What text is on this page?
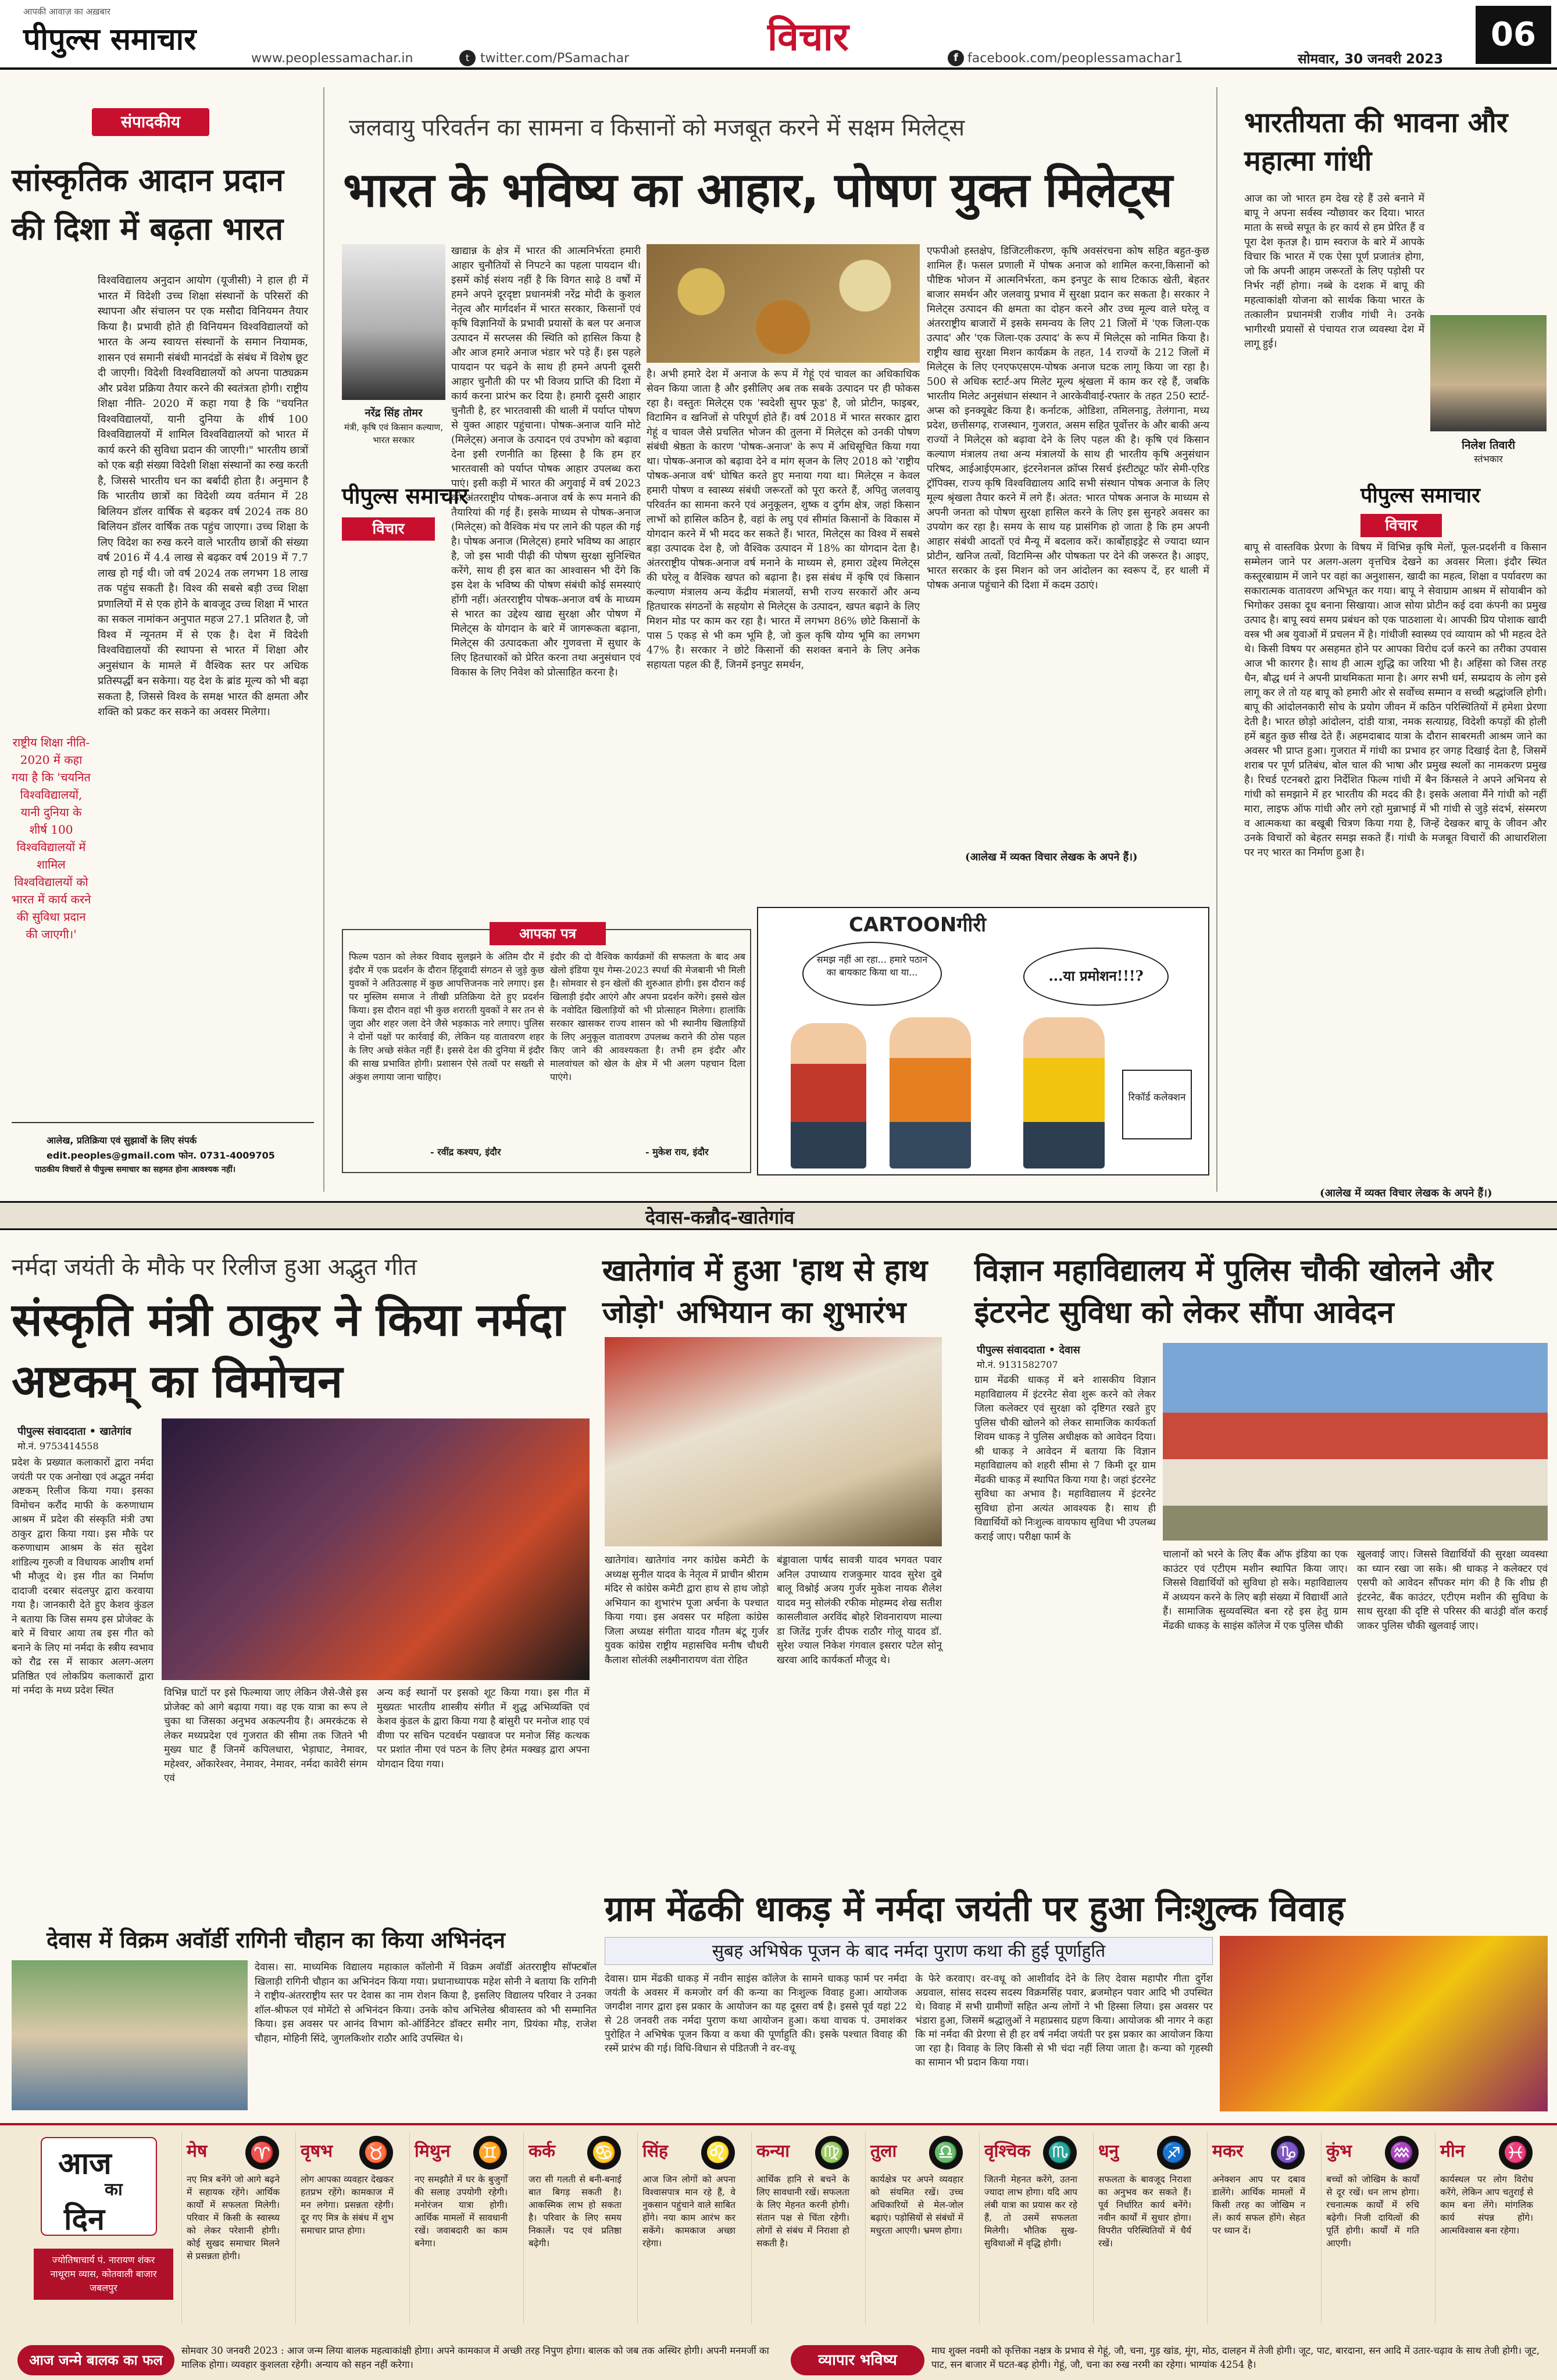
पीपुल्स समाचार
आपकी आवाज़ का अख़बार
www.peoplessamachar.in	t twitter.com/PSamachar	विचार	f facebook.com/peoplessamachar1	सोमवार, 30 जनवरी 2023
06
संपादकीय
सांस्कृतिक आदान प्रदान की दिशा में बढ़ता भारत
विश्वविद्यालय अनुदान आयोग (यूजीसी) ने हाल ही में भारत में विदेशी उच्च शिक्षा संस्थानों के परिसरों की स्थापना और संचालन पर एक मसौदा विनियमन तैयार किया है। प्रभावी होते ही विनियमन विश्वविद्यालयों को भारत के अन्य स्वायत्त संस्थानों के समान नियामक, शासन एवं समानी संबंधी मानदंडों के संबंध में विशेष छूट दी जाएगी। विदेशी विश्वविद्यालयों को अपना पाठ्यक्रम और प्रवेश प्रक्रिया तैयार करने की स्वतंत्रता होगी। राष्ट्रीय शिक्षा नीति- 2020 में कहा गया है कि "चयनित विश्वविद्यालयों, यानी दुनिया के शीर्ष 100 विश्वविद्यालयों में शामिल विश्वविद्यालयों को भारत में कार्य करने की सुविधा प्रदान की जाएगी।" भारतीय छात्रों को एक बड़ी संख्या विदेशी शिक्षा संस्थानों का रुख करती है, जिससे भारतीय धन का बर्बादी होता है। अनुमान है कि भारतीय छात्रों का विदेशी व्यय वर्तमान में 28 बिलियन डॉलर वार्षिक से बढ़कर वर्ष 2024 तक 80 बिलियन डॉलर वार्षिक तक पहुंच जाएगा। उच्च शिक्षा के लिए विदेश का रुख करने वाले भारतीय छात्रों की संख्या वर्ष 2016 में 4.4 लाख से बढ़कर वर्ष 2019 में 7.7 लाख हो गई थी। जो वर्ष 2024 तक लगभग 18 लाख तक पहुंच सकती है। विश्व की सबसे बड़ी उच्च शिक्षा प्रणालियों में से एक होने के बावजूद उच्च शिक्षा में भारत का सकल नामांकन अनुपात महज 27.1 प्रतिशत है, जो विश्व में न्यूनतम में से एक है। देश में विदेशी विश्वविद्यालयों की स्थापना से भारत में शिक्षा और अनुसंधान के मामले में वैश्विक स्तर पर अधिक प्रतिस्पर्द्धी बन सकेगा। यह देश के ब्रांड मूल्य को भी बढ़ा सकता है, जिससे विश्व के समक्ष भारत की क्षमता और शक्ति को प्रकट कर सकने का अवसर मिलेगा।
राष्ट्रीय शिक्षा नीति- 2020 में कहा गया है कि 'चयनित विश्वविद्यालयों, यानी दुनिया के शीर्ष 100 विश्वविद्यालयों में शामिल विश्वविद्यालयों को भारत में कार्य करने की सुविधा प्रदान की जाएगी।'
आलेख, प्रतिक्रिया एवं सुझावों के लिए संपर्क
edit.peoples@gmail.com फोन. 0731-4009705
पाठकीय विचारों से पीपुल्स समाचार का सहमत होना आवश्यक नहीं।
जलवायु परिवर्तन का सामना व किसानों को मजबूत करने में सक्षम मिलेट्स
भारत के भविष्य का आहार, पोषण युक्त मिलेट्स
नरेंद्र सिंह तोमर
मंत्री, कृषि एवं किसान कल्याण, भारत सरकार
खाद्यान्न के क्षेत्र में भारत की आत्मनिर्भरता हमारी आहार चुनौतियों से निपटने का पहला पायदान थी। इसमें कोई संशय नहीं है कि विगत साढ़े 8 वर्षों में हमने अपने दूरदृष्टा प्रधानमंत्री नरेंद्र मोदी के कुशल नेतृत्व और मार्गदर्शन में भारत सरकार, किसानों एवं कृषि विज्ञानियों के प्रभावी प्रयासों के बल पर अनाज उत्पादन में सरप्लस की स्थिति को हासिल किया है और आज हमारे अनाज भंडार भरे पड़े हैं। इस पहले पायदान पर चढ़ने के साथ ही हमने अपनी दूसरी आहार चुनौती की पर भी विजय प्राप्ति की दिशा में कार्य करना प्रारंभ कर दिया है। हमारी दूसरी आहार चुनौती है, हर भारतवासी की थाली में पर्याप्त पोषण से युक्त आहार पहुंचाना। पोषक-अनाज यानि मोटे (मिलेट्स) अनाज के उत्पादन एवं उपभोग को बढ़ावा देना इसी रणनीति का हिस्सा है कि हम हर भारतवासी को पर्याप्त पोषक आहार उपलब्ध करा पाएं। इसी कड़ी में भारत की अगुवाई में वर्ष 2023 को अंतरराष्ट्रीय पोषक-अनाज वर्ष के रूप मनाने की तैयारियां की गई हैं। इसके माध्यम से पोषक-अनाज (मिलेट्स) को वैश्विक मंच पर लाने की पहल की गई है। पोषक अनाज (मिलेट्स) हमारे भविष्य का आहार है, जो इस भावी पीढ़ी की पोषण सुरक्षा सुनिश्चित करेंगे, साथ ही इस बात का आश्वासन भी देंगे कि इस देश के भविष्य की पोषण संबंधी कोई समस्याएं होंगी नहीं। अंतरराष्ट्रीय पोषक-अनाज वर्ष के माध्यम से भारत का उद्देश्य खाद्य सुरक्षा और पोषण में मिलेट्स के योगदान के बारे में जागरूकता बढ़ाना, मिलेट्स की उत्पादकता और गुणवत्ता में सुधार के लिए हितधारकों को प्रेरित करना तथा अनुसंधान एवं विकास के लिए निवेश को प्रोत्साहित करना है।
पीपुल्स समाचार
विचार
है। अभी हमारे देश में अनाज के रूप में गेहूं एवं चावल का अधिकाधिक सेवन किया जाता है और इसीलिए अब तक सबके उत्पादन पर ही फोकस रहा है। वस्तुतः मिलेट्स एक 'स्वदेशी सुपर फूड' है, जो प्रोटीन, फाइबर, विटामिन व खनिजों से परिपूर्ण होते हैं। वर्ष 2018 में भारत सरकार द्वारा गेहूं व चावल जैसे प्रचलित भोजन की तुलना में मिलेट्स को उनकी पोषण संबंधी श्रेष्ठता के कारण 'पोषक-अनाज' के रूप में अधिसूचित किया गया था। पोषक-अनाज को बढ़ावा देने व मांग सृजन के लिए 2018 को 'राष्ट्रीय पोषक-अनाज वर्ष' घोषित करते हुए मनाया गया था। मिलेट्स न केवल हमारी पोषण व स्वास्थ्य संबंधी जरूरतों को पूरा करते हैं, अपितु जलवायु परिवर्तन का सामना करने एवं अनुकूलन, शुष्क व दुर्गम क्षेत्र, जहां किसान लाभों को हासिल कठिन है, वहां के लघु एवं सीमांत किसानों के विकास में योगदान करने में भी मदद कर सकते हैं। भारत, मिलेट्स का विश्व में सबसे बड़ा उत्पादक देश है, जो वैश्विक उत्पादन में 18% का योगदान देता है। अंतरराष्ट्रीय पोषक-अनाज वर्ष मनाने के माध्यम से, हमारा उद्देश्य मिलेट्स की घरेलू व वैश्विक खपत को बढ़ाना है। इस संबंध में कृषि एवं किसान कल्याण मंत्रालय अन्य केंद्रीय मंत्रालयों, सभी राज्य सरकारों और अन्य हितधारक संगठनों के सहयोग से मिलेट्स के उत्पादन, खपत बढ़ाने के लिए मिशन मोड पर काम कर रहा है। भारत में लगभग 86% छोटे किसानों के पास 5 एकड़ से भी कम भूमि है, जो कुल कृषि योग्य भूमि का लगभग 47% है। सरकार ने छोटे किसानों की सशक्त बनाने के लिए अनेक सहायता पहल की हैं, जिनमें इनपुट समर्थन,
एफपीओ हस्तक्षेप, डिजिटलीकरण, कृषि अवसंरचना कोष सहित बहुत-कुछ शामिल हैं। फसल प्रणाली में पोषक अनाज को शामिल करना,किसानों को पौष्टिक भोजन में आत्मनिर्भरता, कम इनपुट के साथ टिकाऊ खेती, बेहतर बाजार समर्थन और जलवायु प्रभाव में सुरक्षा प्रदान कर सकता है। सरकार ने मिलेट्स उत्पादन की क्षमता का दोहन करने और उच्च मूल्य वाले घरेलू व अंतरराष्ट्रीय बाजारों में इसके समन्वय के लिए 21 जिलों में 'एक जिला-एक उत्पाद' और 'एक जिला-एक उत्पाद' के रूप में मिलेट्स को नामित किया है। राष्ट्रीय खाद्य सुरक्षा मिशन कार्यक्रम के तहत, 14 राज्यों के 212 जिलों में मिलेट्स के लिए एनएफएसएम-पोषक अनाज घटक लागू किया जा रहा है। 500 से अधिक स्टार्ट-अप मिलेट मूल्य श्रृंखला में काम कर रहे हैं, जबकि भारतीय मिलेट अनुसंधान संस्थान ने आरकेवीवाई-रफ्तार के तहत 250 स्टार्ट-अप्स को इनक्यूबेट किया है। कर्नाटक, ओडिशा, तमिलनाडु, तेलंगाना, मध्य प्रदेश, छत्तीसगढ़, राजस्थान, गुजरात, असम सहित पूर्वोत्तर के और बाकी अन्य राज्यों ने मिलेट्स को बढ़ावा देने के लिए पहल की है। कृषि एवं किसान कल्याण मंत्रालय तथा अन्य मंत्रालयों के साथ ही भारतीय कृषि अनुसंधान परिषद, आईआईएमआर, इंटरनेशनल क्रॉप्स रिसर्च इंस्टीट्यूट फॉर सेमी-एरिड ट्रॉपिक्स, राज्य कृषि विश्वविद्यालय आदि सभी संस्थान पोषक अनाज के लिए मूल्य श्रृंखला तैयार करने में लगे हैं। अंतत: भारत पोषक अनाज के माध्यम से अपनी जनता को पोषण सुरक्षा हासिल करने के लिए इस सुनहरे अवसर का उपयोग कर रहा है। समय के साथ यह प्रासंगिक हो जाता है कि हम अपनी आहार संबंधी आदतों एवं मैन्यू में बदलाव करें। कार्बोहाइड्रेट से ज्यादा ध्यान प्रोटीन, खनिज तत्वों, विटामिन्स और पोषकता पर देने की जरूरत है। आइए, भारत सरकार के इस मिशन को जन आंदोलन का स्वरूप दें, हर थाली में पोषक अनाज पहुंचाने की दिशा में कदम उठाएं।
(आलेख में व्यक्त विचार लेखक के अपने हैं।)
भारतीयता की भावना और महात्मा गांधी
आज का जो भारत हम देख रहे हैं उसे बनाने में बापू ने अपना सर्वस्व न्यौछावर कर दिया। भारत माता के सच्चे सपूत के हर कार्य से हम प्रेरित हैं व पूरा देश कृतज्ञ है। ग्राम स्वराज के बारे में आपके विचार कि भारत में एक ऐसा पूर्ण प्रजातंत्र होगा, जो कि अपनी आहम जरूरतों के लिए पड़ोसी पर निर्भर नहीं होगा। नब्बे के दशक में बापू की महत्वाकांक्षी योजना को सार्थक किया भारत के तत्कालीन प्रधानमंत्री राजीव गांधी ने। उनके भागीरथी प्रयासों से पंचायत राज व्यवस्था देश में लागू हुई।
निलेश तिवारी
स्तंभकार
पीपुल्स समाचार
विचार
बापू से वास्तविक प्रेरणा के विषय में विभिन्न कृषि मेलों, फूल-प्रदर्शनी व किसान सम्मेलन जाने पर अलग-अलग वृत्तचित्र देखने का अवसर मिला। इंदौर स्थित कस्तूरबाग्राम में जाने पर वहां का अनुशासन, खादी का महत्व, शिक्षा व पर्यावरण का सकारात्मक वातावरण अभिभूत कर गया। बापू ने सेवाग्राम आश्रम में सोयाबीन को भिगोकर उसका दूध बनाना सिखाया। आज सोया प्रोटीन कई दवा कंपनी का प्रमुख उत्पाद है। बापू स्वयं समय प्रबंधन को एक पाठशाला थे। आपकी प्रिय पोशाक खादी वस्त्र भी अब युवाओं में प्रचलन में है। गांधीजी स्वास्थ्य एवं व्यायाम को भी महत्व देते थे। किसी विषय पर असहमत होने पर आपका विरोध दर्ज करने का तरीका उपवास आज भी कारगर है। साथ ही आत्म शुद्धि का जरिया भी है। अहिंसा को जिस तरह धैन, बौद्ध धर्म ने अपनी प्राथमिकता माना है। अगर सभी धर्म, सम्प्रदाय के लोग इसे लागू कर ले तो यह बापू को हमारी ओर से सर्वोच्च सम्मान व सच्ची श्रद्धांजलि होगी। बापू की आंदोलनकारी सोच के प्रयोग जीवन में कठिन परिस्थितियों में हमेशा प्रेरणा देती है। भारत छोड़ो आंदोलन, दांडी यात्रा, नमक सत्याग्रह, विदेशी कपड़ों की होली हमें बहुत कुछ सीख देते हैं। अहमदाबाद यात्रा के दौरान साबरमती आश्रम जाने का अवसर भी प्राप्त हुआ। गुजरात में गांधी का प्रभाव हर जगह दिखाई देता है, जिसमें शराब पर पूर्ण प्रतिबंध, बोल चाल की भाषा और प्रमुख स्थलों का नामकरण प्रमुख है। रिचर्ड एटनबरो द्वारा निर्देशित फिल्म गांधी में बैन किंग्सले ने अपने अभिनय से गांधी को समझाने में हर भारतीय की मदद की है। इसके अलावा मैंने गांधी को नहीं मारा, लाइफ ऑफ गांधी और लगे रहो मुन्नाभाई में भी गांधी से जुड़े संदर्भ, संस्मरण व आत्मकथा का बखूबी चित्रण किया गया है, जिन्हें देखकर बापू के जीवन और उनके विचारों को बेहतर समझ सकते हैं। गांधी के मजबूत विचारों की आधारशिला पर नए भारत का निर्माण हुआ है।
(आलेख में व्यक्त विचार लेखक के अपने हैं।)
आपका पत्र
फिल्म पठान को लेकर विवाद सुलझने के अंतिम दौर में इंदौर में एक प्रदर्शन के दौरान हिंदूवादी संगठन से जुड़े कुछ युवकों ने अतिउत्साह में कुछ आपत्तिजनक नारे लगाए। इस पर मुस्लिम समाज ने तीखी प्रतिक्रिया देते हुए प्रदर्शन किया। इस दौरान वहां भी कुछ शरारती युवकों ने सर तन से जुदा और शहर जला देने जैसे भड़काऊ नारे लगाए। पुलिस ने दोनों पक्षों पर कार्रवाई की, लेकिन यह वातावरण शहर के लिए अच्छे संकेत नहीं हैं। इससे देश की दुनिया में इंदौर की साख प्रभावित होगी। प्रशासन ऐसे तत्वों पर सख्ती से अंकुश लगाया जाना चाहिए।
- रवींद्र कश्यप, इंदौर
इंदौर की दो वैश्विक कार्यक्रमों की सफलता के बाद अब खेलो इंडिया यूथ गेम्स-2023 स्पर्धा की मेजबानी भी मिली है। सोमवार से इन खेलों की शुरुआत होगी। इस दौरान कई खिलाड़ी इंदौर आएंगे और अपना प्रदर्शन करेंगे। इससे खेल के नवोदित खिलाड़ियों को भी प्रोत्साहन मिलेगा। हालांकि सरकार खासकर राज्य शासन को भी स्थानीय खिलाड़ियों के लिए अनुकूल वातावरण उपलब्ध कराने की ठोस पहल किए जाने की आवश्यकता है। तभी हम इंदौर और मालवांचल को खेल के क्षेत्र में भी अलग पहचान दिला पाएंगे।
- मुकेश राय, इंदौर
CARTOONगीरी
समझ नहीं आ रहा... हमारे पठान का बायकाट किया था या...	...या प्रमोशन!!!?
रिकॉर्ड कलेक्शन
देवास-कन्नौद-खातेगांव
नर्मदा जयंती के मौके पर रिलीज हुआ अद्भुत गीत
संस्कृति मंत्री ठाकुर ने किया नर्मदा अष्टकम् का विमोचन
पीपुल्स संवाददाता • खातेगांव
मो.नं. 9753414558
प्रदेश के प्रख्यात कलाकारों द्वारा नर्मदा जयंती पर एक अनोखा एवं अद्भुत नर्मदा अष्टकम् रिलीज किया गया। इसका विमोचन करौंद माफी के करुणाधाम आश्रम में प्रदेश की संस्कृति मंत्री उषा ठाकुर द्वारा किया गया। इस मौके पर करुणाधाम आश्रम के संत सुदेश शांडिल्य गुरुजी व विधायक आशीष शर्मा भी मौजूद थे। इस गीत का निर्माण दादाजी दरबार संदलपुर द्वारा करवाया गया है। जानकारी देते हुए केशव कुंडल ने बताया कि जिस समय इस प्रोजेक्ट के बारे में विचार आया तब इस गीत को बनाने के लिए मां नर्मदा के स्त्रीय स्वभाव को रौद्र रस में साकार अलग-अलग प्रतिष्ठित एवं लोकप्रिय कलाकारों द्वारा मां नर्मदा के मध्य प्रदेश स्थित	विभिन्न घाटों पर इसे फिल्माया जाए लेकिन जैसे-जैसे इस प्रोजेक्ट को आगे बढ़ाया गया। वह एक यात्रा का रूप ले चुका था जिसका अनुभव अकल्पनीय है। अमरकंटक से लेकर मध्यप्रदेश एवं गुजरात की सीमा तक जितने भी मुख्य घाट हैं जिनमें कपिलधारा, भेड़ाघाट, नेमावर, महेश्वर, ओंकारेश्वर, नेमावर, नेमावर, नर्मदा कावेरी संगम एवं
अन्य कई स्थानों पर इसको शूट किया गया। इस गीत में मुख्यतः भारतीय शास्त्रीय संगीत में शुद्ध अभिव्यक्ति एवं केशव कुंडल के द्वारा किया गया है बांसुरी पर मनोज शाह एवं वीणा पर सचिन पटवर्धन पखावज पर मनोज सिंह कत्थक पर प्रशांत नीमा एवं पठन के लिए हेमंत मक्खड़ द्वारा अपना योगदान दिया गया।
खातेगांव में हुआ 'हाथ से हाथ जोड़ो' अभियान का शुभारंभ
खातेगांव। खातेगांव नगर कांग्रेस कमेटी के अध्यक्ष सुनील यादव के नेतृत्व में प्राचीन श्रीराम मंदिर से कांग्रेस कमेटी द्वारा हाथ से हाथ जोड़ो अभियान का शुभारंभ पूजा अर्चना के पश्चात किया गया। इस अवसर पर महिला कांग्रेस जिला अध्यक्ष संगीता यादव गौतम बंटू गुर्जर युवक कांग्रेस राष्ट्रीय महासचिव मनीष चौधरी कैलाश सोलंकी लक्ष्मीनारायण वंता रोहित
बंड्डावाला पार्षद सावत्री यादव भगवत पवार अनिल उपाध्याय राजकुमार यादव सुरेश दुबे बालू विश्नोई अजय गुर्जर मुकेश नायक शैलेश यादव मनु सोलंकी रफीक मोहम्मद शेख सतीश कासलीवाल अरविंद बोहरे शिवनारायण माल्या डा जितेंद्र गुर्जर दीपक राठौर गोलू यादव डॉ. सुरेश ज्याल निकेश गंगवाल इसरार पटेल सोनू खरवा आदि कार्यकर्ता मौजूद थे।
विज्ञान महाविद्यालय में पुलिस चौकी खोलने और इंटरनेट सुविधा को लेकर सौंपा आवेदन
पीपुल्स संवाददाता • देवास
मो.नं. 9131582707
ग्राम मेंढकी धाकड़ में बने शासकीय विज्ञान महाविद्यालय में इंटरनेट सेवा शुरू करने को लेकर जिला कलेक्टर एवं सुरक्षा को दृष्टिगत रखते हुए पुलिस चौकी खोलने को लेकर सामाजिक कार्यकर्ता शिवम धाकड़ ने पुलिस अधीक्षक को आवेदन दिया। श्री धाकड़ ने आवेदन में बताया कि विज्ञान महाविद्यालय को शहरी सीमा से 7 किमी दूर ग्राम मेंढकी धाकड़ में स्थापित किया गया है। जहां इंटरनेट सुविधा का अभाव है। महाविद्यालय में इंटरनेट सुविधा होना अत्यंत आवश्यक है। साथ ही विद्यार्थियों को निःशुल्क वायफाय सुविधा भी उपलब्ध कराई जाए। परीक्षा फार्म के
चालानों को भरने के लिए बैंक ऑफ इंडिया का एक काउंटर एवं एटीएम मशीन स्थापित किया जाए। जिससे विद्यार्थियों को सुविधा हो सके। महाविद्यालय में अध्ययन करने के लिए बड़ी संख्या में विद्यार्थी आते हैं। सामाजिक सुव्यवस्थित बना रहे इस हेतु ग्राम मेंढकी धाकड़ के साइंस कॉलेज में एक पुलिस चौकी
खुलवाई जाए। जिससे विद्यार्थियों की सुरक्षा व्यवस्था का ध्यान रखा जा सके। श्री धाकड़ ने कलेक्टर एवं एसपी को आवेदन सौंपकर मांग की है कि शीघ्र ही इंटरनेट, बैंक काउंटर, एटीएम मशीन की सुविधा के साथ सुरक्षा की दृष्टि से परिसर की बाउंड्री वॉल कराई जाकर पुलिस चौकी खुलवाई जाए।
ग्राम मेंढकी धाकड़ में नर्मदा जयंती पर हुआ निःशुल्क विवाह
सुबह अभिषेक पूजन के बाद नर्मदा पुराण कथा की हुई पूर्णाहुति
देवास। ग्राम मेंढकी धाकड़ में नवीन साइंस कॉलेज के सामने धाकड़ फार्म पर नर्मदा जयंती के अवसर में कमजोर वर्ग की कन्या का निःशुल्क विवाह हुआ। आयोजक जगदीश नागर द्वारा इस प्रकार के आयोजन का यह दूसरा वर्ष है। इससे पूर्व यहां 22 से 28 जनवरी तक नर्मदा पुराण कथा आयोजन हुआ। कथा वाचक पं. उमाशंकर पुरोहित ने अभिषेक पूजन किया व कथा की पूर्णाहुति की। इसके पश्चात विवाह की रस्में प्रारंभ की गई। विधि-विधान से पंडितजी ने वर-वधू
के फेरे करवाए। वर-वधू को आशीर्वाद देने के लिए देवास महापौर गीता दुर्गेश अग्रवाल, सांसद सदस्य सदस्य विक्रमसिंह पवार, ब्रजमोहन पवार आदि भी उपस्थित थे। विवाह में सभी ग्रामीणों सहित अन्य लोगों ने भी हिस्सा लिया। इस अवसर पर भंडारा हुआ, जिसमें श्रद्धालुओं ने महाप्रसाद ग्रहण किया। आयोजक श्री नागर ने कहा कि मां नर्मदा की प्रेरणा से ही हर वर्ष नर्मदा जयंती पर इस प्रकार का आयोजन किया जा रहा है। विवाह के लिए किसी से भी चंदा नहीं लिया जाता है। कन्या को गृहस्थी का सामान भी प्रदान किया गया।
देवास में विक्रम अवॉर्डी रागिनी चौहान का किया अभिनंदन
देवास। सा. माध्यमिक विद्यालय महाकाल कॉलोनी में विक्रम अवॉर्डी अंतरराष्ट्रीय सॉफ्टबॉल खिलाड़ी रागिनी चौहान का अभिनंदन किया गया। प्रधानाध्यापक महेश सोनी ने बताया कि रागिनी ने राष्ट्रीय-अंतरराष्ट्रीय स्तर पर देवास का नाम रोशन किया है, इसलिए विद्यालय परिवार ने उनका शॉल-श्रीफल एवं मोमेंटो से अभिनंदन किया। उनके कोच अभिलेख श्रीवास्तव को भी सम्मानित किया। इस अवसर पर आनंद विभाग को-ऑर्डिनेटर डॉक्टर समीर नाग, प्रियंका मौड़, राजेश चौहान, मोहिनी सिंदे, जुगलकिशोर राठौर आदि उपस्थित थे।
आज
का
दिन
ज्योतिषाचार्य पं. नारायण शंकर नाथूराम व्यास, कोतवाली बाजार जबलपुर
मेष ♈
नए मित्र बनेंगे जो आगे बढ़ने में सहायक रहेंगे। आर्थिक कार्यों में सफलता मिलेगी। परिवार में किसी के स्वास्थ्य को लेकर परेशानी होगी। कोई सुखद समाचार मिलने से प्रसन्नता होगी।
वृषभ ♉
लोग आपका व्यवहार देखकर हतप्रभ रहेंगे। कामकाज में मन लगेगा। प्रसन्नता रहेगी। दूर गए मित्र के संबंध में शुभ समाचार प्राप्त होगा।
मिथुन ♊
नए समझौते में घर के बुजुर्गों की सलाह उपयोगी रहेगी। मनोरंजन यात्रा होगी। आर्थिक मामलों में सावधानी रखें। जवाबदारी का काम बनेगा।
कर्क ♋
जरा सी गलती से बनी-बनाई बात बिगड़ सकती है। आकस्मिक लाभ हो सकता है। परिवार के लिए समय निकालें। पद एवं प्रतिष्ठा बढ़ेगी।
सिंह ♌
आज जिन लोगों को अपना विश्वासपात्र मान रहे हैं, वे नुकसान पहुंचाने वाले साबित होंगे। नया काम आरंभ कर सकेंगे। कामकाज अच्छा रहेगा।
कन्या ♍
आर्थिक हानि से बचने के लिए सावधानी रखें। सफलता के लिए मेहनत करनी होगी। संतान पक्ष से चिंता रहेगी। लोगों से संबंध में निराशा हो सकती है।
तुला ♎
कार्यक्षेत्र पर अपने व्यवहार को संयमित रखें। उच्च अधिकारियों से मेल-जोल बढ़ाएं। पड़ोसियों से संबंधों में मधुरता आएगी। भ्रमण होगा।
वृश्चिक ♏
जितनी मेहनत करेंगे, उतना ज्यादा लाभ होगा। यदि आप लंबी यात्रा का प्रयास कर रहे हैं, तो उसमें सफलता मिलेगी। भौतिक सुख-सुविधाओं में वृद्धि होगी।
धनु ♐
सफलता के बावजूद निराशा का अनुभव कर सकते हैं। पूर्व निर्धारित कार्य बनेंगे। नवीन कार्यों में सुधार होगा। विपरीत परिस्थितियों में धैर्य रखें।
मकर ♑
अनेक्शन आप पर दबाव डालेंगे। आर्थिक मामलों में किसी तरह का जोखिम न लें। कार्य सफल होंगे। सेहत पर ध्यान दें।
कुंभ ♒
बच्चों को जोखिम के कार्यों से दूर रखें। धन लाभ होगा। रचनात्मक कार्यों में रुचि बढ़ेगी। निजी दायित्वों की पूर्ति होगी। कार्यों में गति आएगी।
मीन ♓
कार्यस्थल पर लोग विरोध करेंगे, लेकिन आप चतुराई से काम बना लेंगे। मांगलिक कार्य संपन्न होंगे। आत्मविश्वास बना रहेगा।
आज जन्मे बालक का फल
सोमवार 30 जनवरी 2023 : आज जन्म लिया बालक महत्वाकांक्षी होगा। अपने कामकाज में अच्छी तरह निपुण होगा। बालक को जब तक अस्थिर होगी। अपनी मनमर्जी का मालिक होगा। व्यवहार कुशलता रहेगी। अन्याय को सहन नहीं करेगा।	व्यापार भविष्य
माघ शुक्ल नवमी को कृत्तिका नक्षत्र के प्रभाव से गेहूं, जौ, चना, गुड़ खांड, मूंग, मोठ, दालहन में तेजी होगी। जूट, पाट, बारदाना, सन आदि में उतार-चढ़ाव के साथ तेजी होगी। जूट, पाट, सन बाजार में घटत-बढ़ होगी। गेहूं, जौ, चना का रुख नरमी का रहेगा। भाग्यांक 4254 है।
